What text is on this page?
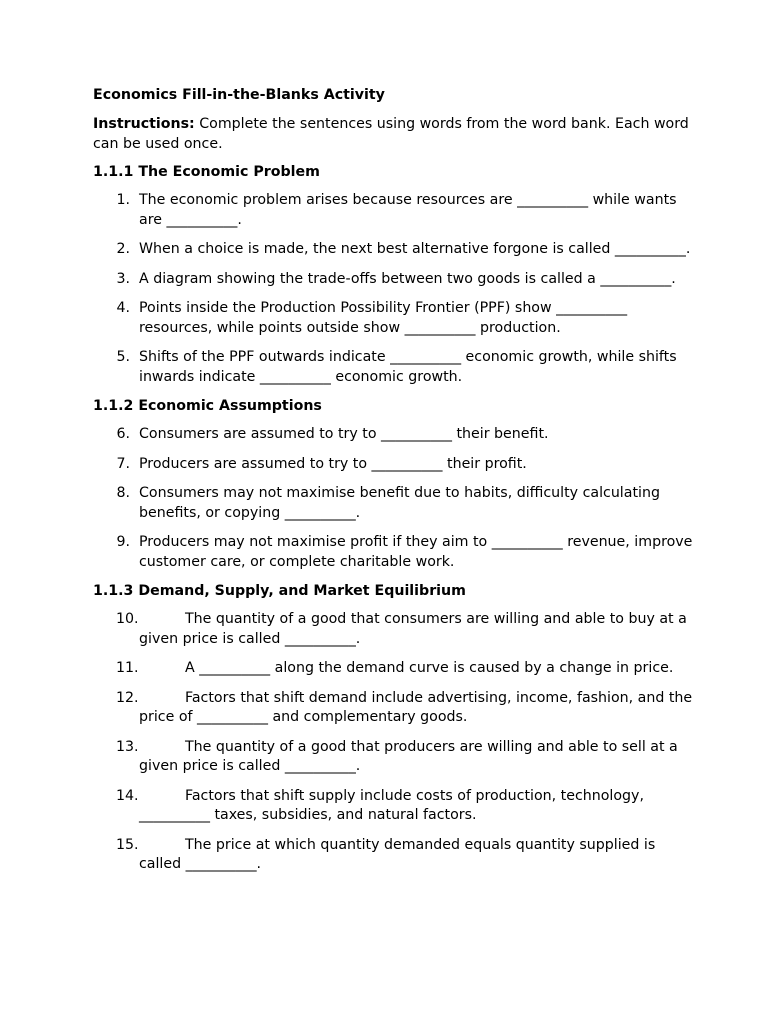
Economics Fill-in-the-Blanks Activity
Instructions: Complete the sentences using words from the word bank. Each word can be used once.
1.1.1 The Economic Problem
1. The economic problem arises because resources are __________ while wants are __________.
2. When a choice is made, the next best alternative forgone is called __________.
3. A diagram showing the trade-offs between two goods is called a __________.
4. Points inside the Production Possibility Frontier (PPF) show __________ resources, while points outside show __________ production.
5. Shifts of the PPF outwards indicate __________ economic growth, while shifts inwards indicate __________ economic growth.
1.1.2 Economic Assumptions
6. Consumers are assumed to try to __________ their benefit.
7. Producers are assumed to try to __________ their profit.
8. Consumers may not maximise benefit due to habits, difficulty calculating benefits, or copying __________.
9. Producers may not maximise profit if they aim to __________ revenue, improve customer care, or complete charitable work.
1.1.3 Demand, Supply, and Market Equilibrium
10.	The quantity of a good that consumers are willing and able to buy at a given price is called __________.
11.	A __________ along the demand curve is caused by a change in price.
12.	Factors that shift demand include advertising, income, fashion, and the price of __________ and complementary goods.
13.	The quantity of a good that producers are willing and able to sell at a given price is called __________.
14.	Factors that shift supply include costs of production, technology, __________ taxes, subsidies, and natural factors.
15.	The price at which quantity demanded equals quantity supplied is called __________.
